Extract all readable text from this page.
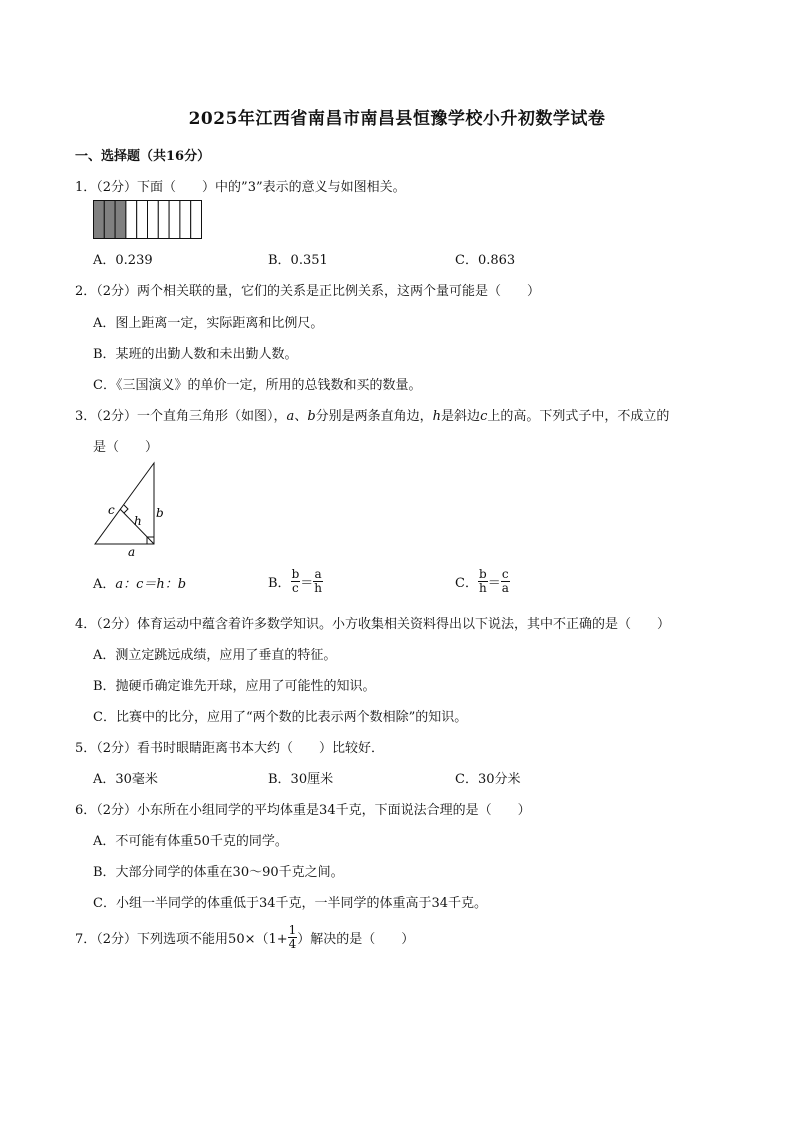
2025年江西省南昌市南昌县恒豫学校小升初数学试卷
一、选择题（共16分）
1．（2分）下面（　　）中的”3”表示的意义与如图相关。
A．0.239	B．0.351	C．0.863
2．（2分）两个相关联的量，它们的关系是正比例关系，这两个量可能是（　　）
A．图上距离一定，实际距离和比例尺。
B．某班的出勤人数和未出勤人数。
C．《三国演义》的单价一定，所用的总钱数和买的数量。
3．（2分）一个直角三角形（如图），a、b分别是两条直角边，h是斜边c上的高。下列式子中，不成立的
是（　　）
c
h
b
a
A．a：c＝h：b	B． $\frac{b}{c} = \frac{a}{h}$	C． $\frac{b}{h} = \frac{c}{a}$
4．（2分）体育运动中蕴含着许多数学知识。小方收集相关资料得出以下说法，其中不正确的是（　　）
A．测立定跳远成绩，应用了垂直的特征。
B．抛硬币确定谁先开球，应用了可能性的知识。
C．比赛中的比分，应用了“两个数的比表示两个数相除”的知识。
5．（2分）看书时眼睛距离书本大约（　　）比较好．
A．30毫米	B．30厘米	C．30分米
6．（2分）小东所在小组同学的平均体重是34千克，下面说法合理的是（　　）
A．不可能有体重50千克的同学。
B．大部分同学的体重在30～90千克之间。
C．小组一半同学的体重低于34千克，一半同学的体重高于34千克。
7．（2分）下列选项不能用$50\times(1+ \frac{1}{4}$ ）解决的是（　　）
